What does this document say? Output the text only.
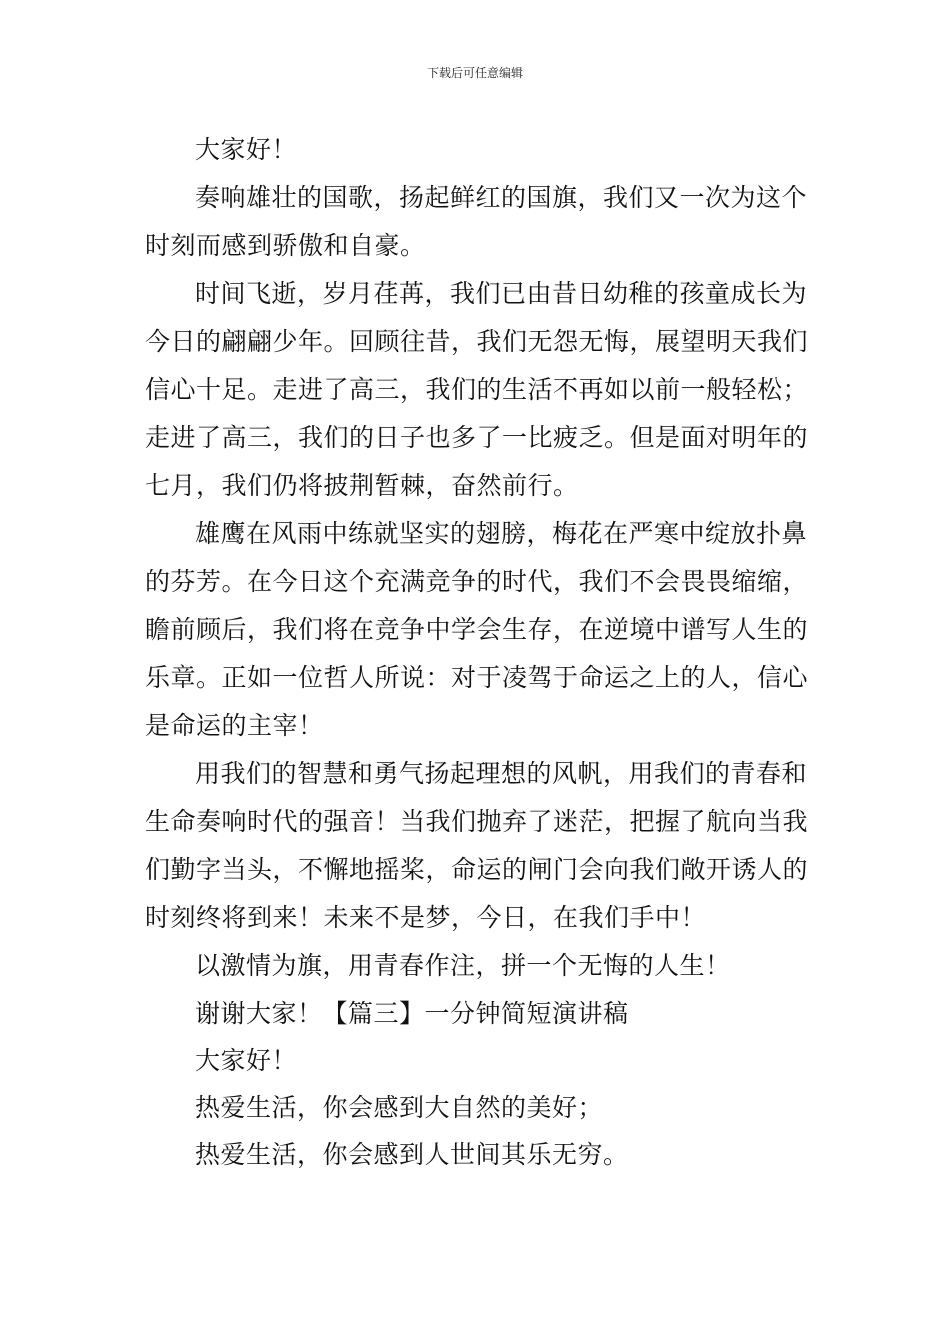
下载后可任意编辑

大家好！

奏响雄壮的国歌，扬起鲜红的国旗，我们又一次为这个时刻而感到骄傲和自豪。

时间飞逝，岁月荏苒，我们已由昔日幼稚的孩童成长为今日的翩翩少年。回顾往昔，我们无怨无悔，展望明天我们信心十足。走进了高三，我们的生活不再如以前一般轻松；走进了高三，我们的日子也多了一比疲乏。但是面对明年的七月，我们仍将披荆暂棘，奋然前行。

雄鹰在风雨中练就坚实的翅膀，梅花在严寒中绽放扑鼻的芬芳。在今日这个充满竞争的时代，我们不会畏畏缩缩，瞻前顾后，我们将在竞争中学会生存，在逆境中谱写人生的乐章。正如一位哲人所说：对于凌驾于命运之上的人，信心是命运的主宰！

用我们的智慧和勇气扬起理想的风帆，用我们的青春和生命奏响时代的强音！当我们抛弃了迷茫，把握了航向当我们勤字当头，不懈地摇桨，命运的闸门会向我们敞开诱人的时刻终将到来！未来不是梦，今日，在我们手中！

以激情为旗，用青春作注，拼一个无悔的人生！

谢谢大家！【篇三】一分钟简短演讲稿

大家好！

热爱生活，你会感到大自然的美好；

热爱生活，你会感到人世间其乐无穷。
